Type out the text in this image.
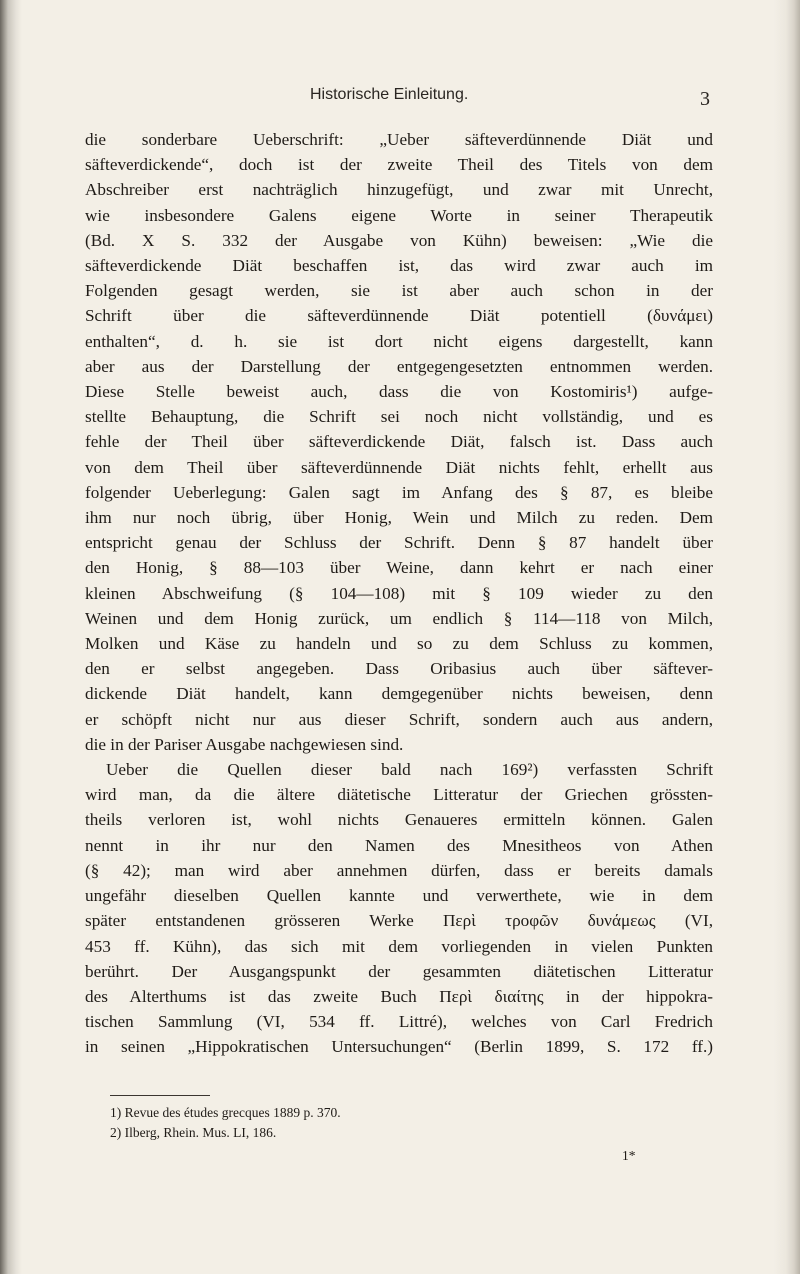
Historische Einleitung.	3
die sonderbare Ueberschrift: „Ueber säfteverdünnende Diät und
säfteverdickende“, doch ist der zweite Theil des Titels von dem
Abschreiber erst nachträglich hinzugefügt, und zwar mit Unrecht,
wie insbesondere Galens eigene Worte in seiner Therapeutik
(Bd. X S. 332 der Ausgabe von Kühn) beweisen: „Wie die
säfteverdickende Diät beschaffen ist, das wird zwar auch im
Folgenden gesagt werden, sie ist aber auch schon in der
Schrift über die säfteverdünnende Diät potentiell (δυνάμει)
enthalten“, d. h. sie ist dort nicht eigens dargestellt, kann
aber aus der Darstellung der entgegengesetzten entnommen werden.
Diese Stelle beweist auch, dass die von Kostomiris¹) aufge-
stellte Behauptung, die Schrift sei noch nicht vollständig, und es
fehle der Theil über säfteverdickende Diät, falsch ist. Dass auch
von dem Theil über säfteverdünnende Diät nichts fehlt, erhellt aus
folgender Ueberlegung: Galen sagt im Anfang des § 87, es bleibe
ihm nur noch übrig, über Honig, Wein und Milch zu reden. Dem
entspricht genau der Schluss der Schrift. Denn § 87 handelt über
den Honig, § 88—103 über Weine, dann kehrt er nach einer
kleinen Abschweifung (§ 104—108) mit § 109 wieder zu den
Weinen und dem Honig zurück, um endlich § 114—118 von Milch,
Molken und Käse zu handeln und so zu dem Schluss zu kommen,
den er selbst angegeben. Dass Oribasius auch über säftever-
dickende Diät handelt, kann demgegenüber nichts beweisen, denn
er schöpft nicht nur aus dieser Schrift, sondern auch aus andern,
die in der Pariser Ausgabe nachgewiesen sind.
Ueber die Quellen dieser bald nach 169²) verfassten Schrift
wird man, da die ältere diätetische Litteratur der Griechen grössten-
theils verloren ist, wohl nichts Genaueres ermitteln können. Galen
nennt in ihr nur den Namen des Mnesitheos von Athen
(§ 42); man wird aber annehmen dürfen, dass er bereits damals
ungefähr dieselben Quellen kannte und verwerthete, wie in dem
später entstandenen grösseren Werke Περὶ τροφῶν δυνάμεως (VI,
453 ff. Kühn), das sich mit dem vorliegenden in vielen Punkten
berührt. Der Ausgangspunkt der gesammten diätetischen Litteratur
des Alterthums ist das zweite Buch Περὶ διαίτης in der hippokra-
tischen Sammlung (VI, 534 ff. Littré), welches von Carl Fredrich
in seinen „Hippokratischen Untersuchungen“ (Berlin 1899, S. 172 ff.)
1) Revue des études grecques 1889 p. 370.
2) Ilberg, Rhein. Mus. LI, 186.
1*
